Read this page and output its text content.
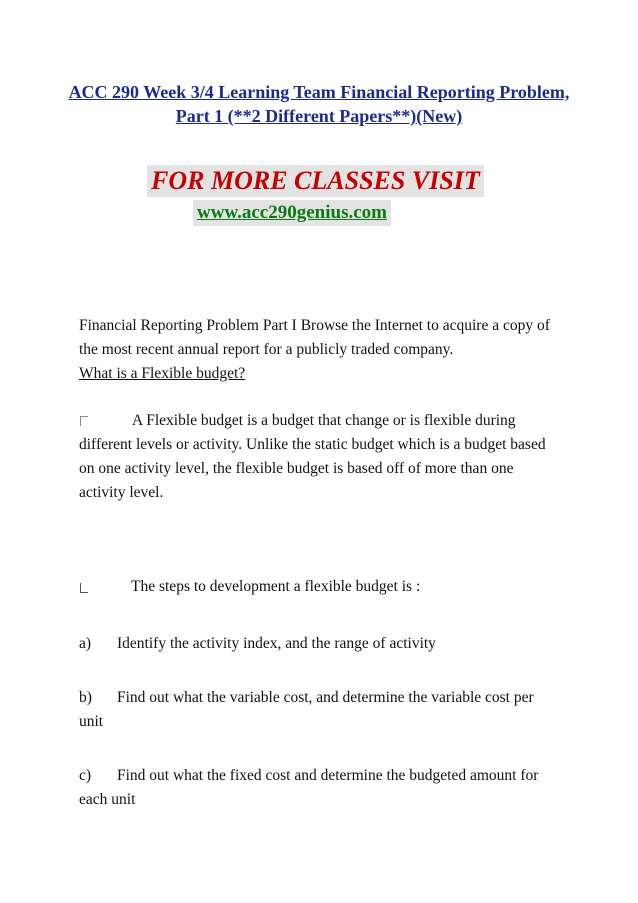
ACC 290 Week 3/4 Learning Team Financial Reporting Problem, Part 1 (**2 Different Papers**)(New)
FOR MORE CLASSES VISIT
www.acc290genius.com
Financial Reporting Problem Part I Browse the Internet to acquire a copy of the most recent annual report for a publicly traded company.
What is a Flexible budget?
A Flexible budget is a budget that change or is flexible during different levels or activity. Unlike the static budget which is a budget based on one activity level, the flexible budget is based off of more than one activity level.
The steps to development a flexible budget is :
a) Identify the activity index, and the range of activity
b) Find out what the variable cost, and determine the variable cost per unit
c) Find out what the fixed cost and determine the budgeted amount for each unit
